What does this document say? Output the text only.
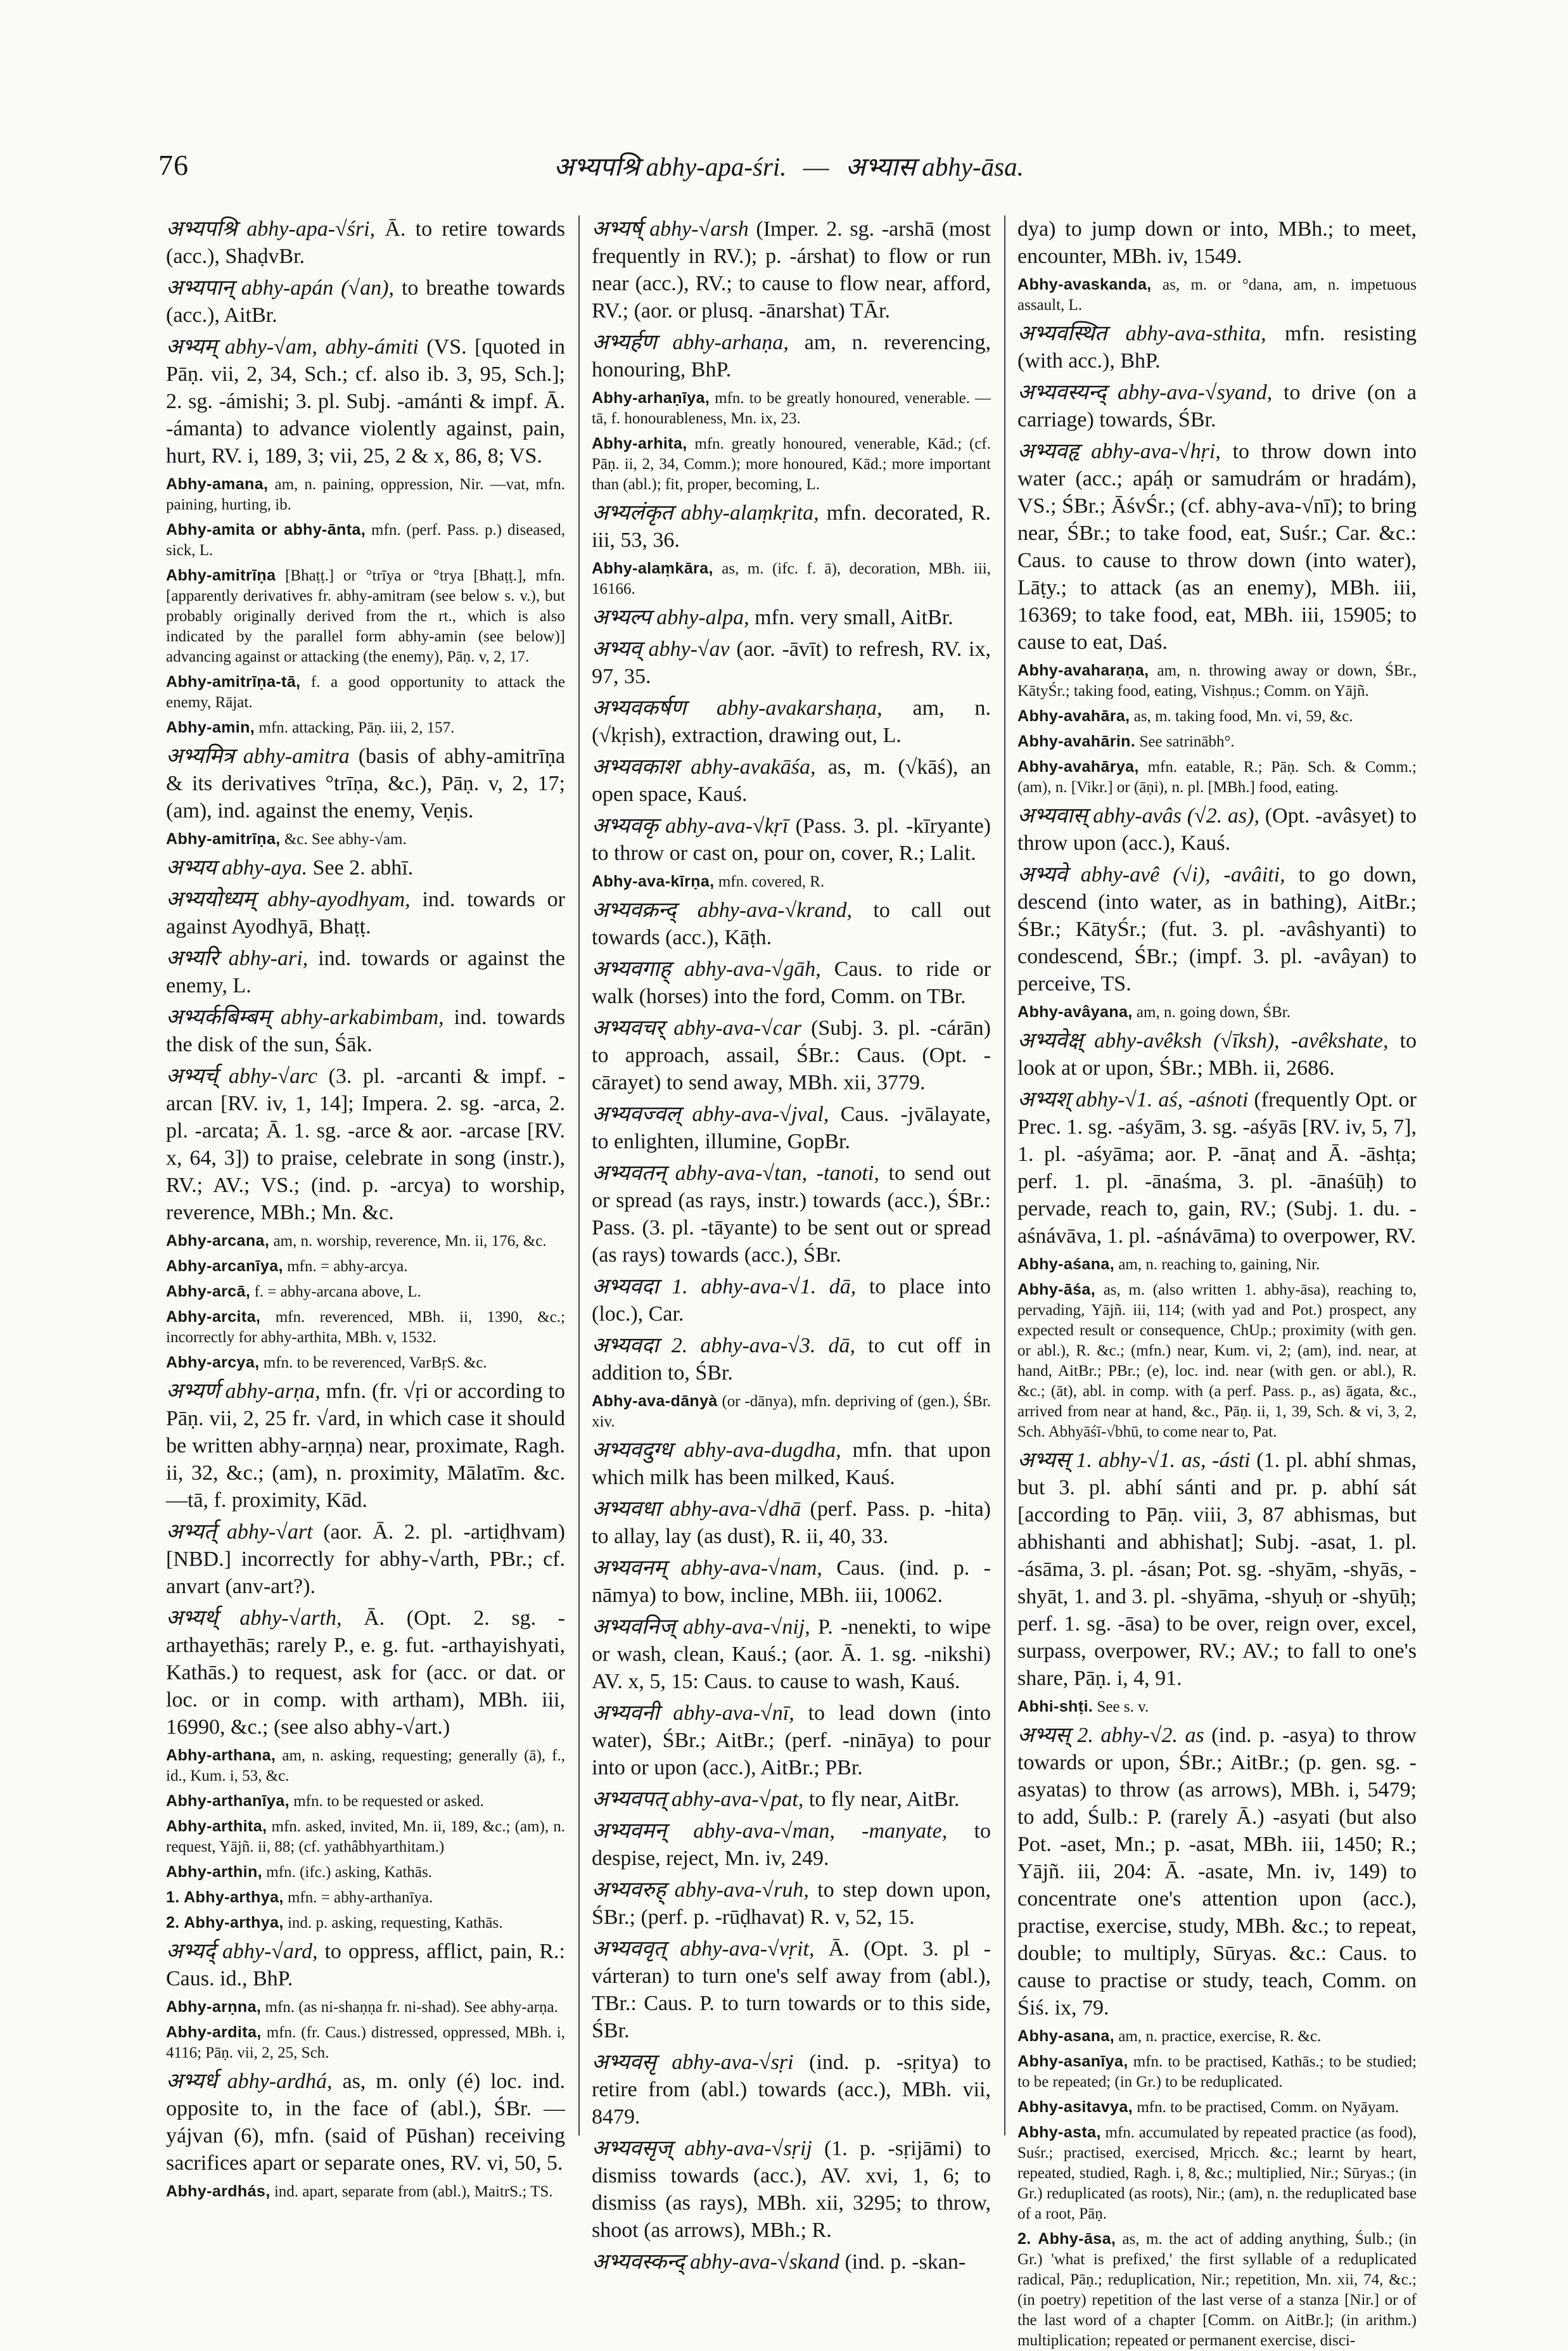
76	अभ्यपश्रि abhy-apa-śri. — अभ्यास abhy-āsa.

अभ्यपश्रि abhy-apa-√śri, Ā. to retire towards (acc.), ShaḍvBr.

अभ्यपान् abhy-apán (√an), to breathe towards (acc.), AitBr.

अभ्यम् abhy-√am, abhy-ámiti (VS. [quoted in Pāṇ. vii, 2, 34, Sch.; cf. also ib. 3, 95, Sch.]; 2. sg. -ámishi; 3. pl. Subj. -amánti & impf. Ā. -ámanta) to advance violently against, pain, hurt, RV. i, 189, 3; vii, 25, 2 & x, 86, 8; VS.

Abhy-amana, am, n. paining, oppression, Nir. —vat, mfn. paining, hurting, ib.

Abhy-amita or abhy-ānta, mfn. (perf. Pass. p.) diseased, sick, L.

Abhy-amitrīṇa [Bhaṭṭ.] or °trīya or °trya [Bhaṭṭ.], mfn. [apparently derivatives fr. abhy-amitram (see below s. v.), but probably originally derived from the rt., which is also indicated by the parallel form abhy-amin (see below)] advancing against or attacking (the enemy), Pāṇ. v, 2, 17.

Abhy-amitrīṇa-tā, f. a good opportunity to attack the enemy, Rājat.

Abhy-amin, mfn. attacking, Pāṇ. iii, 2, 157.

अभ्यमित्र abhy-amitra (basis of abhy-amitrīṇa & its derivatives °trīṇa, &c.), Pāṇ. v, 2, 17; (am), ind. against the enemy, Veṇis.

Abhy-amitrīṇa, &c. See abhy-√am.

अभ्यय abhy-aya. See 2. abhī.

अभ्ययोध्यम् abhy-ayodhyam, ind. towards or against Ayodhyā, Bhaṭṭ.

अभ्यरि abhy-ari, ind. towards or against the enemy, L.

अभ्यर्कबिम्बम् abhy-arkabimbam, ind. towards the disk of the sun, Śāk.

अभ्यर्च् abhy-√arc (3. pl. -arcanti & impf. -arcan [RV. iv, 1, 14]; Impera. 2. sg. -arca, 2. pl. -arcata; Ā. 1. sg. -arce & aor. -arcase [RV. x, 64, 3]) to praise, celebrate in song (instr.), RV.; AV.; VS.; (ind. p. -arcya) to worship, reverence, MBh.; Mn. &c.

Abhy-arcana, am, n. worship, reverence, Mn. ii, 176, &c.

Abhy-arcanīya, mfn. = abhy-arcya.

Abhy-arcā, f. = abhy-arcana above, L.

Abhy-arcita, mfn. reverenced, MBh. ii, 1390, &c.; incorrectly for abhy-arthita, MBh. v, 1532.

Abhy-arcya, mfn. to be reverenced, VarBṛS. &c.

अभ्यर्ण abhy-arṇa, mfn. (fr. √ṛi or according to Pāṇ. vii, 2, 25 fr. √ard, in which case it should be written abhy-arṇṇa) near, proximate, Ragh. ii, 32, &c.; (am), n. proximity, Mālatīm. &c. —tā, f. proximity, Kād.

अभ्यर्त् abhy-√art (aor. Ā. 2. pl. -artiḍhvam) [NBD.] incorrectly for abhy-√arth, PBr.; cf. anvart (anv-art?).

अभ्यर्थ् abhy-√arth, Ā. (Opt. 2. sg. -arthayethās; rarely P., e. g. fut. -arthayishyati, Kathās.) to request, ask for (acc. or dat. or loc. or in comp. with artham), MBh. iii, 16990, &c.; (see also abhy-√art.)

Abhy-arthana, am, n. asking, requesting; generally (ā), f., id., Kum. i, 53, &c.

Abhy-arthanīya, mfn. to be requested or asked.

Abhy-arthita, mfn. asked, invited, Mn. ii, 189, &c.; (am), n. request, Yājñ. ii, 88; (cf. yathâbhyarthitam.)

Abhy-arthin, mfn. (ifc.) asking, Kathās.

1. Abhy-arthya, mfn. = abhy-arthanīya.

2. Abhy-arthya, ind. p. asking, requesting, Kathās.

अभ्यर्द् abhy-√ard, to oppress, afflict, pain, R.: Caus. id., BhP.

Abhy-arṇna, mfn. (as ni-shaṇṇa fr. ni-shad). See abhy-arṇa.

Abhy-ardita, mfn. (fr. Caus.) distressed, oppressed, MBh. i, 4116; Pāṇ. vii, 2, 25, Sch.

अभ्यर्ध abhy-ardhá, as, m. only (é) loc. ind. opposite to, in the face of (abl.), ŚBr. —yájvan (6), mfn. (said of Pūshan) receiving sacrifices apart or separate ones, RV. vi, 50, 5.

Abhy-ardhás, ind. apart, separate from (abl.), MaitrS.; TS.

अभ्यर्ष् abhy-√arsh (Imper. 2. sg. -arshā (most frequently in RV.); p. -árshat) to flow or run near (acc.), RV.; to cause to flow near, afford, RV.; (aor. or plusq. -ānarshat) TĀr.

अभ्यर्हण abhy-arhaṇa, am, n. reverencing, honouring, BhP.

Abhy-arhaṇīya, mfn. to be greatly honoured, venerable. —tā, f. honourableness, Mn. ix, 23.

Abhy-arhita, mfn. greatly honoured, venerable, Kād.; (cf. Pāṇ. ii, 2, 34, Comm.); more honoured, Kād.; more important than (abl.); fit, proper, becoming, L.

अभ्यलंकृत abhy-alaṃkṛita, mfn. decorated, R. iii, 53, 36.

Abhy-alaṃkāra, as, m. (ifc. f. ā), decoration, MBh. iii, 16166.

अभ्यल्प abhy-alpa, mfn. very small, AitBr.

अभ्यव् abhy-√av (aor. -āvīt) to refresh, RV. ix, 97, 35.

अभ्यवकर्षण abhy-avakarshaṇa, am, n. (√kṛish), extraction, drawing out, L.

अभ्यवकाश abhy-avakāśa, as, m. (√kāś), an open space, Kauś.

अभ्यवकृ abhy-ava-√kṛī (Pass. 3. pl. -kīryante) to throw or cast on, pour on, cover, R.; Lalit.

Abhy-ava-kīrṇa, mfn. covered, R.

अभ्यवक्रन्द् abhy-ava-√krand, to call out towards (acc.), Kāṭh.

अभ्यवगाह् abhy-ava-√gāh, Caus. to ride or walk (horses) into the ford, Comm. on TBr.

अभ्यवचर् abhy-ava-√car (Subj. 3. pl. -cárān) to approach, assail, ŚBr.: Caus. (Opt. -cārayet) to send away, MBh. xii, 3779.

अभ्यवज्वल् abhy-ava-√jval, Caus. -jvālayate, to enlighten, illumine, GopBr.

अभ्यवतन् abhy-ava-√tan, -tanoti, to send out or spread (as rays, instr.) towards (acc.), ŚBr.: Pass. (3. pl. -tāyante) to be sent out or spread (as rays) towards (acc.), ŚBr.

अभ्यवदा 1. abhy-ava-√1. dā, to place into (loc.), Car.

अभ्यवदा 2. abhy-ava-√3. dā, to cut off in addition to, ŚBr.

Abhy-ava-dānyà (or -dānya), mfn. depriving of (gen.), ŚBr. xiv.

अभ्यवदुग्ध abhy-ava-dugdha, mfn. that upon which milk has been milked, Kauś.

अभ्यवधा abhy-ava-√dhā (perf. Pass. p. -hita) to allay, lay (as dust), R. ii, 40, 33.

अभ्यवनम् abhy-ava-√nam, Caus. (ind. p. -nāmya) to bow, incline, MBh. iii, 10062.

अभ्यवनिज् abhy-ava-√nij, P. -nenekti, to wipe or wash, clean, Kauś.; (aor. Ā. 1. sg. -nikshi) AV. x, 5, 15: Caus. to cause to wash, Kauś.

अभ्यवनी abhy-ava-√nī, to lead down (into water), ŚBr.; AitBr.; (perf. -nināya) to pour into or upon (acc.), AitBr.; PBr.

अभ्यवपत् abhy-ava-√pat, to fly near, AitBr.

अभ्यवमन् abhy-ava-√man, -manyate, to despise, reject, Mn. iv, 249.

अभ्यवरुह् abhy-ava-√ruh, to step down upon, ŚBr.; (perf. p. -rūḍhavat) R. v, 52, 15.

अभ्यववृत् abhy-ava-√vṛit, Ā. (Opt. 3. pl -várteran) to turn one's self away from (abl.), TBr.: Caus. P. to turn towards or to this side, ŚBr.

अभ्यवसृ abhy-ava-√sṛi (ind. p. -sṛitya) to retire from (abl.) towards (acc.), MBh. vii, 8479.

अभ्यवसृज् abhy-ava-√sṛij (1. p. -sṛijāmi) to dismiss towards (acc.), AV. xvi, 1, 6; to dismiss (as rays), MBh. xii, 3295; to throw, shoot (as arrows), MBh.; R.

अभ्यवस्कन्द् abhy-ava-√skand (ind. p. -skan-

dya) to jump down or into, MBh.; to meet, encounter, MBh. iv, 1549.

Abhy-avaskanda, as, m. or °dana, am, n. impetuous assault, L.

अभ्यवस्थित abhy-ava-sthita, mfn. resisting (with acc.), BhP.

अभ्यवस्यन्द् abhy-ava-√syand, to drive (on a carriage) towards, ŚBr.

अभ्यवहृ abhy-ava-√hṛi, to throw down into water (acc.; apáḥ or samudrám or hradám), VS.; ŚBr.; ĀśvŚr.; (cf. abhy-ava-√nī); to bring near, ŚBr.; to take food, eat, Suśr.; Car. &c.: Caus. to cause to throw down (into water), Lāṭy.; to attack (as an enemy), MBh. iii, 16369; to take food, eat, MBh. iii, 15905; to cause to eat, Daś.

Abhy-avaharaṇa, am, n. throwing away or down, ŚBr., KātyŚr.; taking food, eating, Vishṇus.; Comm. on Yājñ.

Abhy-avahāra, as, m. taking food, Mn. vi, 59, &c.

Abhy-avahārin. See satrinābh°.

Abhy-avahārya, mfn. eatable, R.; Pāṇ. Sch. & Comm.; (am), n. [Vikr.] or (āṇi), n. pl. [MBh.] food, eating.

अभ्यवास् abhy-avâs (√2. as), (Opt. -avâsyet) to throw upon (acc.), Kauś.

अभ्यवे abhy-avê (√i), -avâiti, to go down, descend (into water, as in bathing), AitBr.; ŚBr.; KātyŚr.; (fut. 3. pl. -avâshyanti) to condescend, ŚBr.; (impf. 3. pl. -avâyan) to perceive, TS.

Abhy-avâyana, am, n. going down, ŚBr.

अभ्यवेक्ष् abhy-avêksh (√īksh), -avêkshate, to look at or upon, ŚBr.; MBh. ii, 2686.

अभ्यश् abhy-√1. aś, -aśnoti (frequently Opt. or Prec. 1. sg. -aśyām, 3. sg. -aśyās [RV. iv, 5, 7], 1. pl. -aśyāma; aor. P. -ānaṭ and Ā. -āshṭa; perf. 1. pl. -ānaśma, 3. pl. -ānaśūḥ) to pervade, reach to, gain, RV.; (Subj. 1. du. -aśnávāva, 1. pl. -aśnávāma) to overpower, RV.

Abhy-aśana, am, n. reaching to, gaining, Nir.

Abhy-āśa, as, m. (also written 1. abhy-āsa), reaching to, pervading, Yājñ. iii, 114; (with yad and Pot.) prospect, any expected result or consequence, ChUp.; proximity (with gen. or abl.), R. &c.; (mfn.) near, Kum. vi, 2; (am), ind. near, at hand, AitBr.; PBr.; (e), loc. ind. near (with gen. or abl.), R. &c.; (āt), abl. in comp. with (a perf. Pass. p., as) āgata, &c., arrived from near at hand, &c., Pāṇ. ii, 1, 39, Sch. & vi, 3, 2, Sch. Abhyāśī-√bhū, to come near to, Pat.

अभ्यस् 1. abhy-√1. as, -ásti (1. pl. abhí shmas, but 3. pl. abhí sánti and pr. p. abhí sát [according to Pāṇ. viii, 3, 87 abhismas, but abhishanti and abhishat]; Subj. -asat, 1. pl. -ásāma, 3. pl. -ásan; Pot. sg. -shyām, -shyās, -shyāt, 1. and 3. pl. -shyāma, -shyuḥ or -shyūḥ; perf. 1. sg. -āsa) to be over, reign over, excel, surpass, overpower, RV.; AV.; to fall to one's share, Pāṇ. i, 4, 91.

Abhi-shṭi. See s. v.

अभ्यस् 2. abhy-√2. as (ind. p. -asya) to throw towards or upon, ŚBr.; AitBr.; (p. gen. sg. -asyatas) to throw (as arrows), MBh. i, 5479; to add, Śulb.: P. (rarely Ā.) -asyati (but also Pot. -aset, Mn.; p. -asat, MBh. iii, 1450; R.; Yājñ. iii, 204: Ā. -asate, Mn. iv, 149) to concentrate one's attention upon (acc.), practise, exercise, study, MBh. &c.; to repeat, double; to multiply, Sūryas. &c.: Caus. to cause to practise or study, teach, Comm. on Śiś. ix, 79.

Abhy-asana, am, n. practice, exercise, R. &c.

Abhy-asanīya, mfn. to be practised, Kathās.; to be studied; to be repeated; (in Gr.) to be reduplicated.

Abhy-asitavya, mfn. to be practised, Comm. on Nyāyam.

Abhy-asta, mfn. accumulated by repeated practice (as food), Suśr.; practised, exercised, Mṛicch. &c.; learnt by heart, repeated, studied, Ragh. i, 8, &c.; multiplied, Nir.; Sūryas.; (in Gr.) reduplicated (as roots), Nir.; (am), n. the reduplicated base of a root, Pāṇ.

2. Abhy-āsa, as, m. the act of adding anything, Śulb.; (in Gr.) 'what is prefixed,' the first syllable of a reduplicated radical, Pāṇ.; reduplication, Nir.; repetition, Mn. xii, 74, &c.; (in poetry) repetition of the last verse of a stanza [Nir.] or of the last word of a chapter [Comm. on AitBr.]; (in arithm.) multiplication; repeated or permanent exercise, disci-
